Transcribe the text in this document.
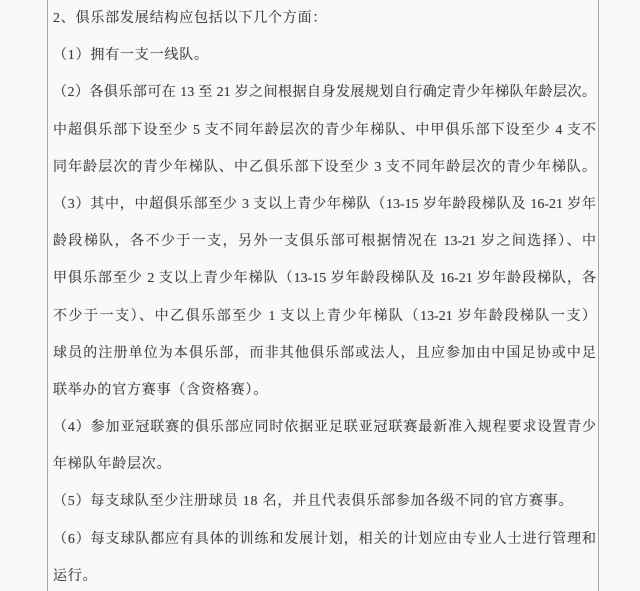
2、俱乐部发展结构应包括以下几个方面：
（1）拥有一支一线队。
（2）各俱乐部可在 13 至 21 岁之间根据自身发展规划自行确定青少年梯队年龄层次。
中超俱乐部下设至少 5 支不同年龄层次的青少年梯队、中甲俱乐部下设至少 4 支不
同年龄层次的青少年梯队、中乙俱乐部下设至少 3 支不同年龄层次的青少年梯队。
（3）其中，中超俱乐部至少 3 支以上青少年梯队（13-15 岁年龄段梯队及 16-21 岁年
龄段梯队，各不少于一支，另外一支俱乐部可根据情况在 13-21 岁之间选择）、中
甲俱乐部至少 2 支以上青少年梯队（13-15 岁年龄段梯队及 16-21 岁年龄段梯队，各
不少于一支）、中乙俱乐部至少 1 支以上青少年梯队（13-21 岁年龄段梯队一支）
球员的注册单位为本俱乐部，而非其他俱乐部或法人，且应参加由中国足协或中足
联举办的官方赛事（含资格赛）。
（4）参加亚冠联赛的俱乐部应同时依据亚足联亚冠联赛最新准入规程要求设置青少
年梯队年龄层次。
（5）每支球队至少注册球员 18 名，并且代表俱乐部参加各级不同的官方赛事。
（6）每支球队都应有具体的训练和发展计划，相关的计划应由专业人士进行管理和
运行。
